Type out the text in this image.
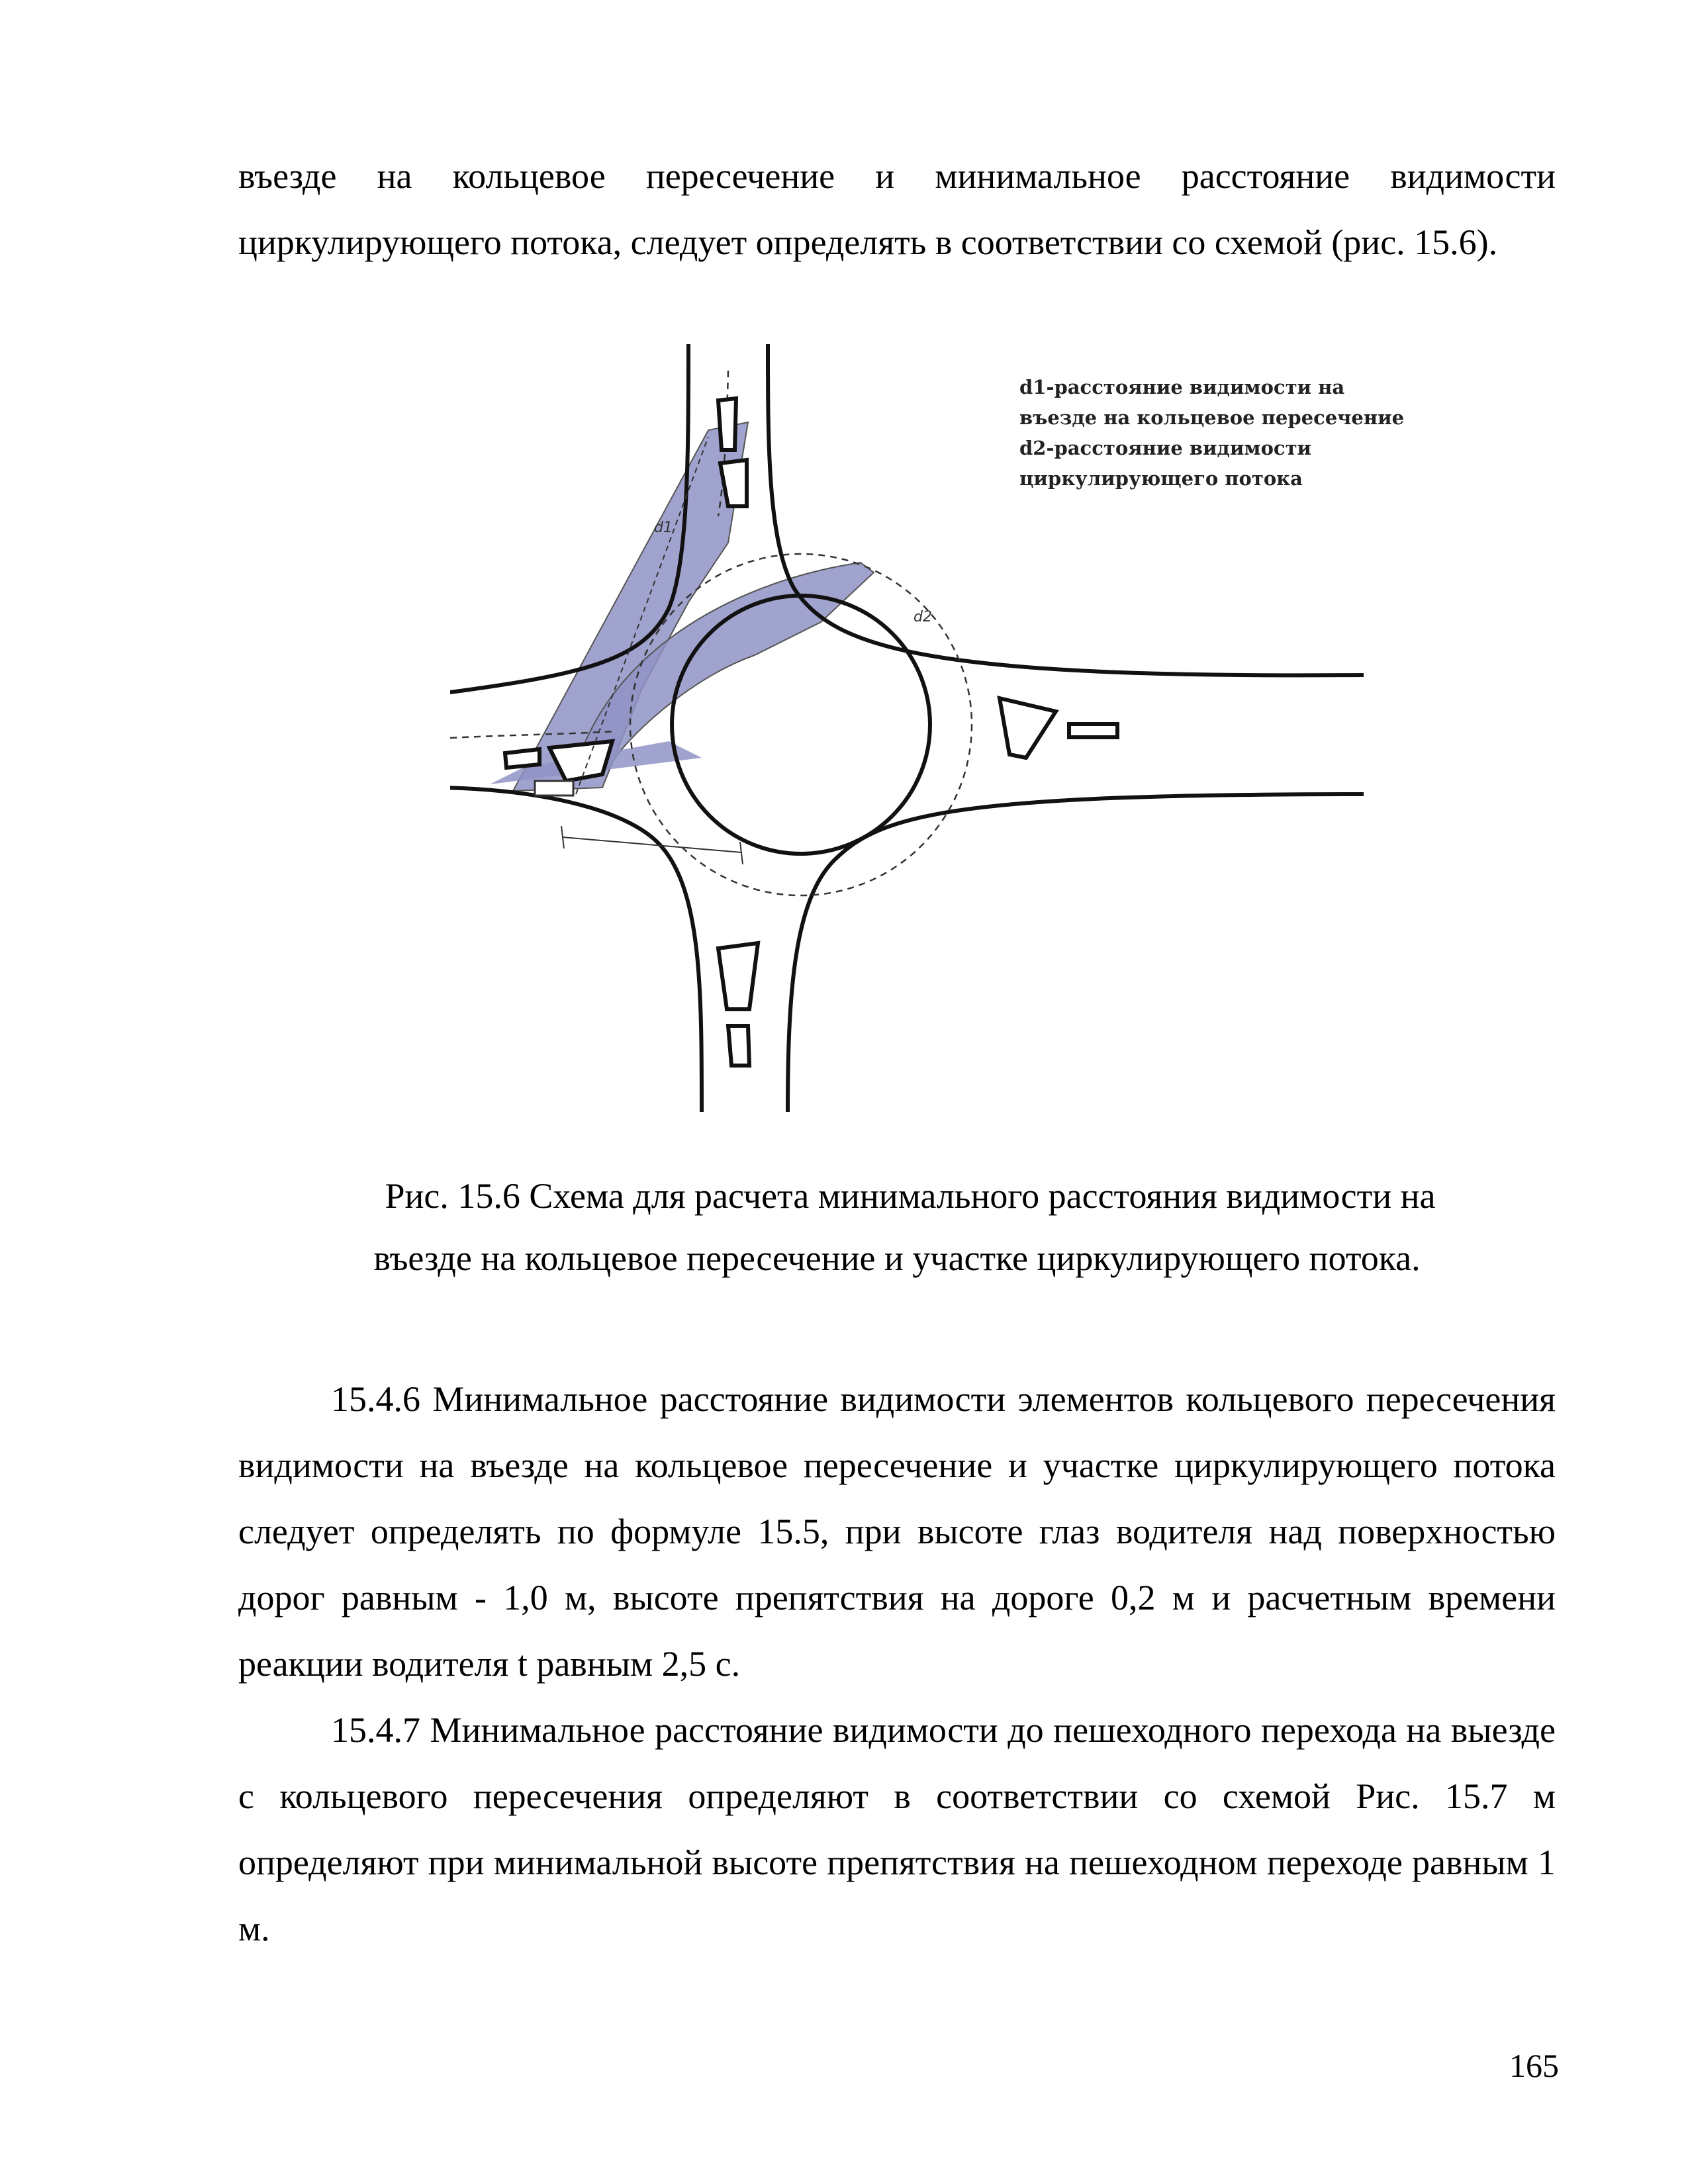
въезде на кольцевое пересечение и минимальное расстояние видимости циркулирующего потока, следует определять в соответствии со схемой (рис. 15.6).

d1
d2
d1-расстояние видимости на
въезде на кольцевое пересечение
d2-расстояние видимости
циркулирующего потока

Рис. 15.6 Схема для расчета минимального расстояния видимости на
въезде на кольцевое пересечение и участке циркулирующего потока.

15.4.6 Минимальное расстояние видимости элементов кольцевого пересечения видимости на въезде на кольцевое пересечение и участке циркулирующего потока следует определять по формуле 15.5, при высоте глаз водителя над поверхностью дорог равным - 1,0 м, высоте препятствия на дороге 0,2 м и расчетным времени реакции водителя t равным 2,5 с.

15.4.7 Минимальное расстояние видимости до пешеходного перехода на выезде с кольцевого пересечения определяют в соответствии со схемой Рис. 15.7 м определяют при минимальной высоте препятствия на пешеходном переходе равным 1 м.

165
